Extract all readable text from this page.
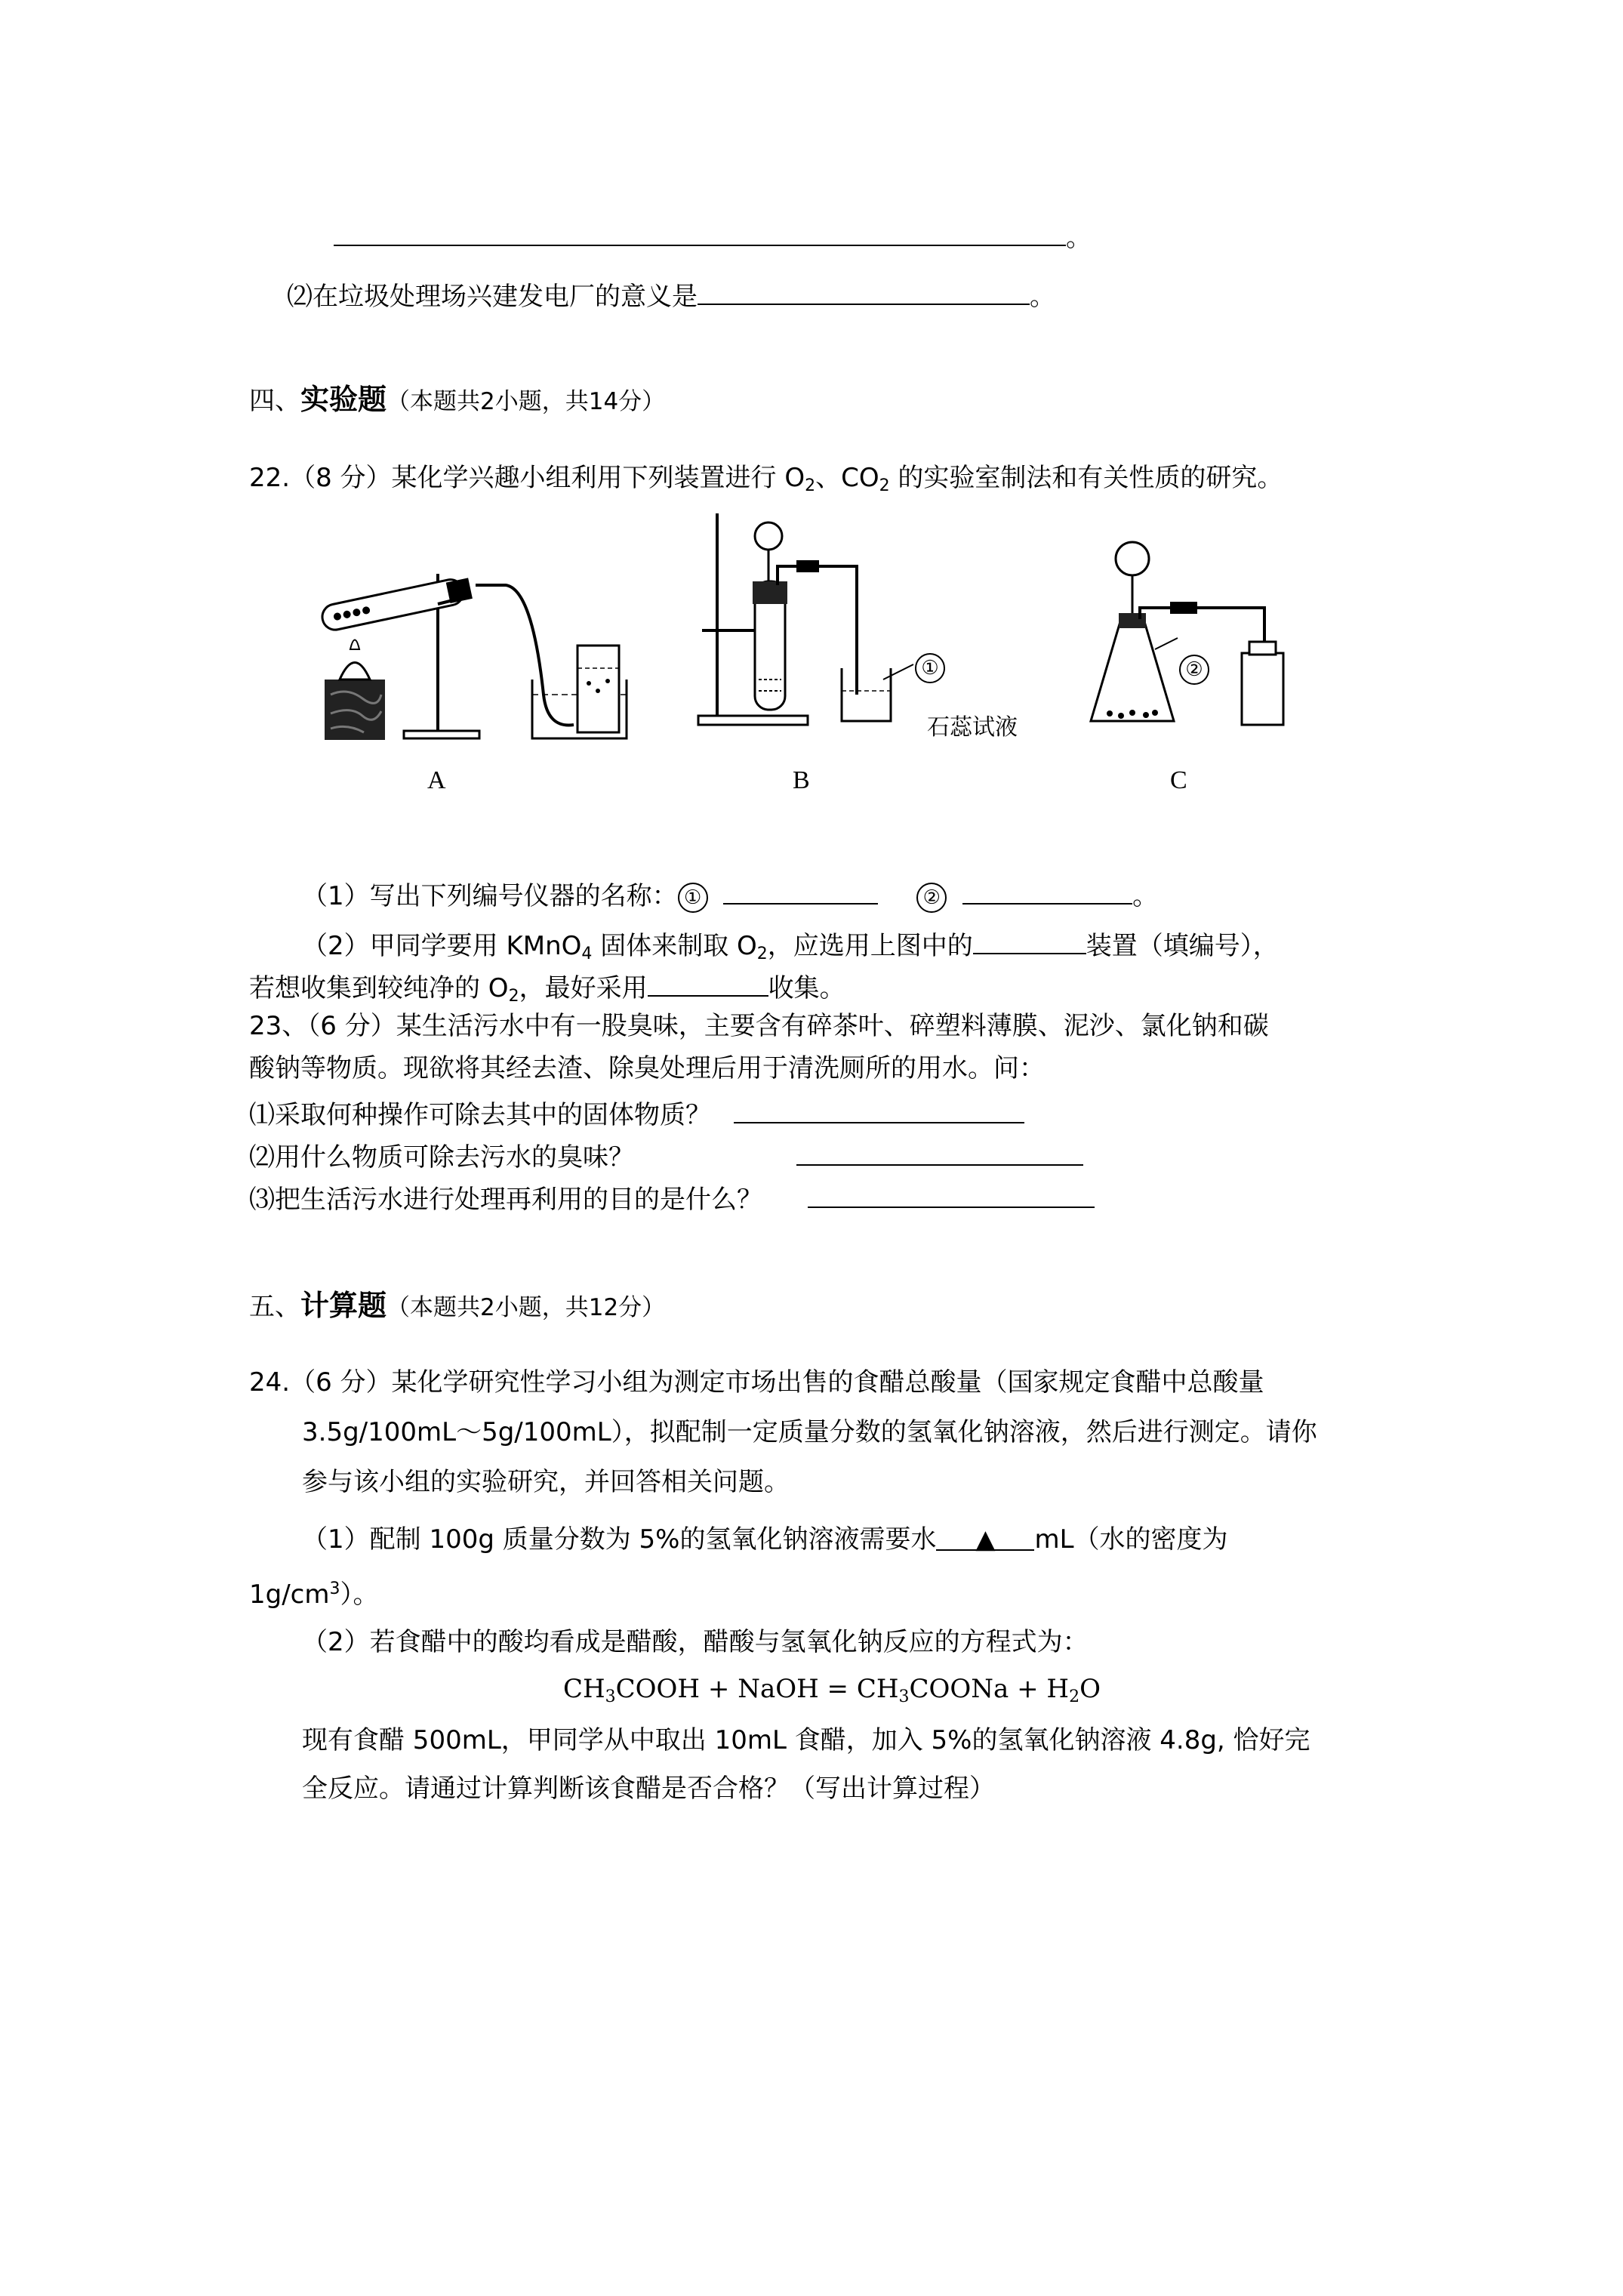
。
⑵在垃圾处理场兴建发电厂的意义是	。
四、实验题（本题共2小题，共14分）
22.（8 分）某化学兴趣小组利用下列装置进行 $O_2$、$CO_2$ 的实验室制法和有关性质的研究。
①
石蕊试液
②
A	B	C
（1）写出下列编号仪器的名称： ①	②	。
（2）甲同学要用 KMnO$_4$ 固体来制取 $O_2$，应选用上图中的	装置（填编号），
若想收集到较纯净的 $O_2$，最好采用	收集。
23、（6 分）某生活污水中有一股臭味，主要含有碎茶叶、碎塑料薄膜、泥沙、氯化钠和碳
酸钠等物质。现欲将其经去渣、除臭处理后用于清洗厕所的用水。问：
⑴采取何种操作可除去其中的固体物质？
⑵用什么物质可除去污水的臭味？
⑶把生活污水进行处理再利用的目的是什么？
五、计算题（本题共2小题，共12分）
24.（6 分）某化学研究性学习小组为测定市场出售的食醋总酸量（国家规定食醋中总酸量
3.5g/100mL～5g/100mL），拟配制一定质量分数的氢氧化钠溶液，然后进行测定。请你
参与该小组的实验研究，并回答相关问题。
（1）配制 100g 质量分数为 5%的氢氧化钠溶液需要水 ▲ mL（水的密度为
$1g/cm^3$）。
（2）若食醋中的酸均看成是醋酸，醋酸与氢氧化钠反应的方程式为：
$CH_3COOH$ + NaOH = $CH_3COONa + H_2O$
现有食醋 500mL，甲同学从中取出 10mL 食醋，加入 5%的氢氧化钠溶液 4.8g, 恰好完
全反应。请通过计算判断该食醋是否合格？（写出计算过程）
